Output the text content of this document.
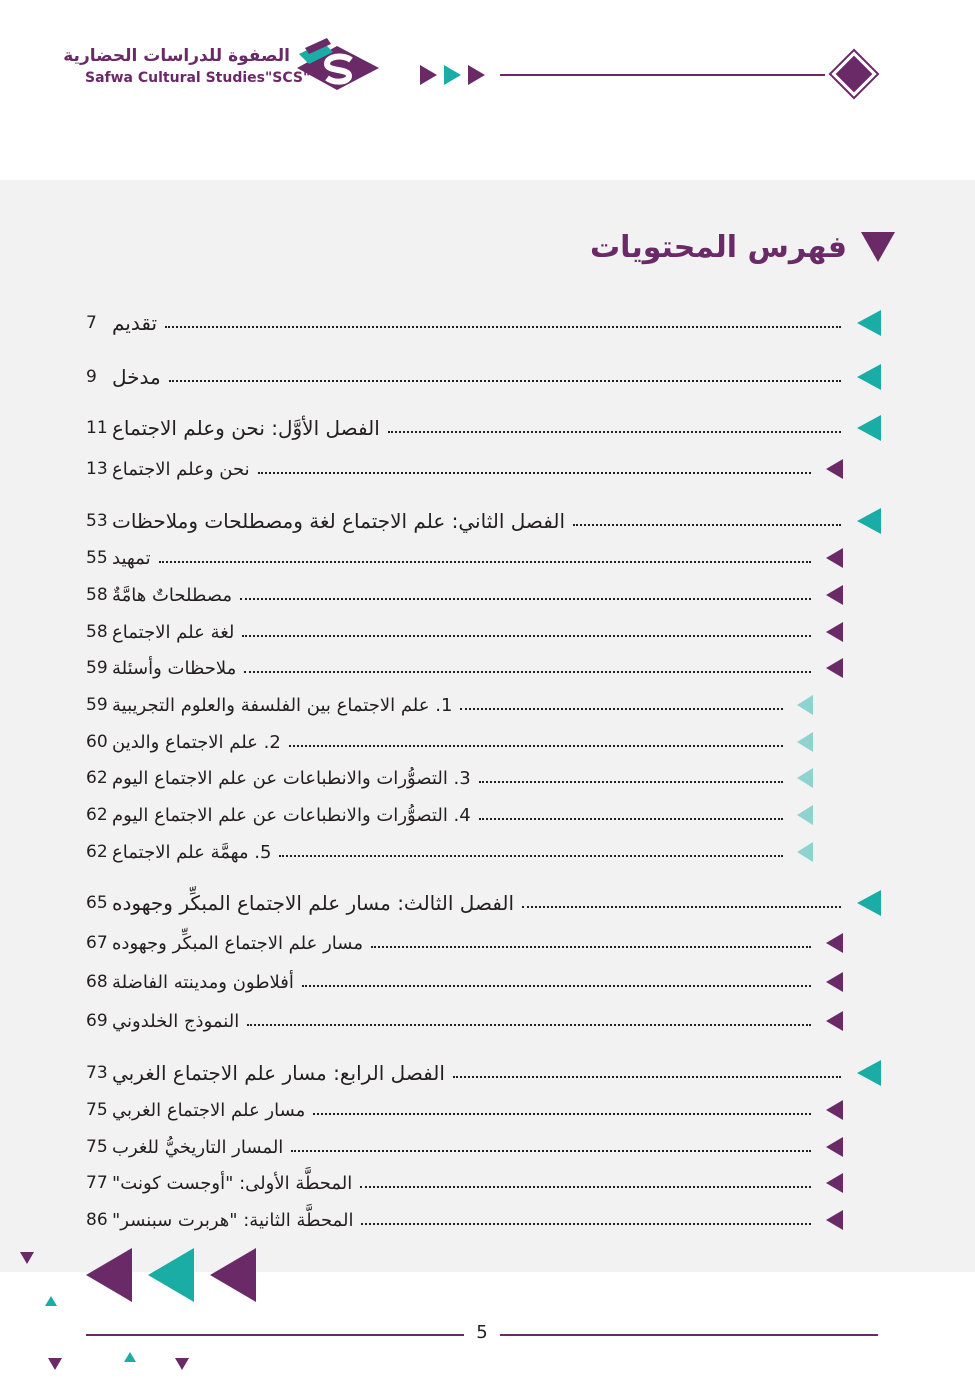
الصفوة للدراسات الحضارية
Safwa Cultural Studies"SCS"
فهرس المحتويات
تقديم
7
مدخل
9
الفصل الأوَّل: نحن وعلم الاجتماع
11
نحن وعلم الاجتماع
13
الفصل الثاني: علم الاجتماع لغة ومصطلحات وملاحظات
53
تمهيد
55
مصطلحاتٌ هامَّةٌ
58
لغة علم الاجتماع
58
ملاحظات وأسئلة
59
1. علم الاجتماع بين الفلسفة والعلوم التجريبية
59
2. علم الاجتماع والدين
60
3. التصوُّرات والانطباعات عن علم الاجتماع اليوم
62
4. التصوُّرات والانطباعات عن علم الاجتماع اليوم
62
5. مهمَّة علم الاجتماع
62
الفصل الثالث: مسار علم الاجتماع المبكِّر وجهوده
65
مسار علم الاجتماع المبكِّر وجهوده
67
أفلاطون ومدينته الفاضلة
68
النموذج الخلدوني
69
الفصل الرابع: مسار علم الاجتماع الغربي
73
مسار علم الاجتماع الغربي
75
المسار التاريخيُّ للغرب
75
المحطَّة الأولى: "أوجست كونت"
77
المحطَّة الثانية: "هربرت سبنسر"
86
5
